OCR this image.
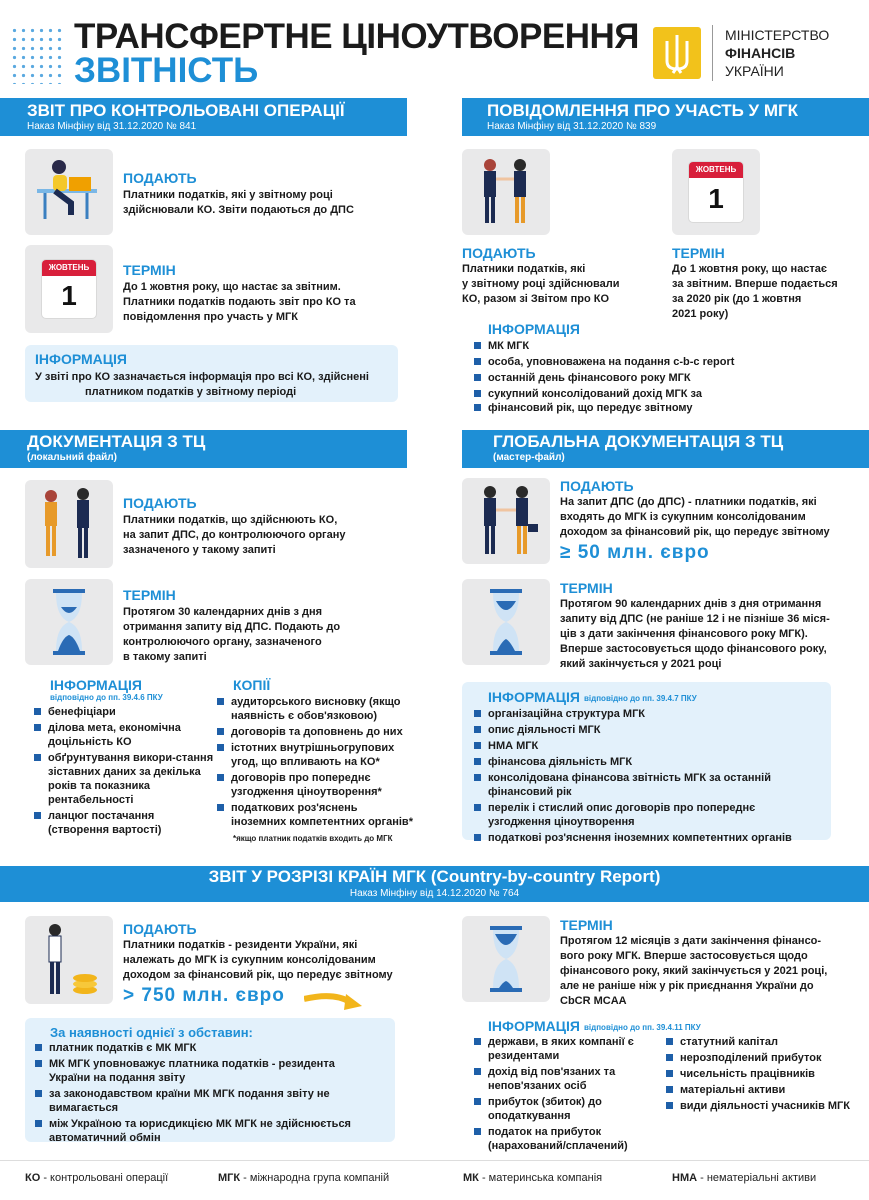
ТРАНСФЕРТНЕ ЦІНОУТВОРЕННЯ
ЗВІТНІСТЬ
МІНІСТЕРСТВО
ФІНАНСІВ
УКРАЇНИ
ЗВІТ ПРО КОНТРОЛЬОВАНІ ОПЕРАЦІЇ
Наказ Мінфіну від 31.12.2020 № 841
ПОДАЮТЬ
Платники податків, які у звітному році
здійснювали КО. Звіти подаються до ДПС
ЖОВТЕНЬ
1
ТЕРМІН
До 1 жовтня року, що настає за звітним.
Платники податків подають звіт про КО та
повідомлення про участь у МГК
ІНФОРМАЦІЯ
У звіті про КО зазначається інформація про всі КО, здійснені
платником податків у звітному періоді
ПОВІДОМЛЕННЯ ПРО УЧАСТЬ У МГК
Наказ Мінфіну від 31.12.2020 № 839
ЖОВТЕНЬ
1
ПОДАЮТЬ
Платники податків, які
у звітному році здійснювали
КО, разом зі Звітом про КО
ТЕРМІН
До 1 жовтня року, що настає
за звітним. Вперше подається
за 2020 рік (до 1 жовтня
2021 року)
ІНФОРМАЦІЯ
МК МГК
особа, уповноважена на подання c-b-c report
останній день фінансового року МГК
сукупний консолідований дохід МГК за
фінансовий рік, що передує звітному
ДОКУМЕНТАЦІЯ З ТЦ
(локальний файл)
ПОДАЮТЬ
Платники податків, що здійснюють КО,
на запит ДПС, до контролюючого органу
зазначеного у такому запиті
ТЕРМІН
Протягом 30 календарних днів з дня
отримання запиту від ДПС. Подають до
контролюючого органу, зазначеного
в такому запиті
ІНФОРМАЦІЯ
відповідно до пп. 39.4.6 ПКУ
бенефіціари
ділова мета, економічна доцільність КО
обґрунтування викори-стання зіставних даних за декілька років та показника рентабельності
ланцюг постачання (створення вартості)
КОПІЇ
аудиторського висновку (якщо наявність є обов'язковою)
договорів та доповнень до них
істотних внутрішньогрупових угод, що впливають на КО*
договорів про попереднє узгодження ціноутворення*
податкових роз'яснень іноземних компетентних органів*
*якщо платник податків входить до МГК
ГЛОБАЛЬНА ДОКУМЕНТАЦІЯ З ТЦ
(мастер-файл)
ПОДАЮТЬ
На запит ДПС (до ДПС) - платники податків, які
входять до МГК із сукупним консолідованим
доходом за фінансовий рік, що передує звітному
≥ 50 млн. євро
ТЕРМІН
Протягом 90 календарних днів з дня отримання
запиту від ДПС (не раніше 12 і не пізніше 36 мiся-
ців з дати закінчення фінансового року МГК).
Вперше застосовується щодо фінансового року,
який закінчується у 2021 році
ІНФОРМАЦІЯ відповідно до пп. 39.4.7 ПКУ
організаційна структура МГК
опис діяльності МГК
НМА МГК
фінансова діяльність МГК
консолідована фінансова звітність МГК за останній фінансовий рік
перелік і стислий опис договорів про попереднє узгодження ціноутворення
податкові роз'яснення іноземних компетентних органів
ЗВІТ У РОЗРІЗІ КРАЇН МГК (Country-by-country Report)
Наказ Мінфіну від 14.12.2020 № 764
ПОДАЮТЬ
Платники податків - резиденти України, які
належать до МГК із сукупним консолідованим
доходом за фінансовий рік, що передує звітному
> 750 млн. євро
За наявності однієї з обставин:
платник податків є МК МГК
МК МГК уповноважує платника податків - резидента України на подання звіту
за законодавством країни МК МГК подання звіту не вимагається
між Україною та юрисдикцією МК МГК не здійснюється автоматичний обмін
ТЕРМІН
Протягом 12 місяців з дати закінчення фінансо-
вого року МГК. Вперше застосовується щодо
фінансового року, який закінчується у 2021 році,
але не раніше ніж у рік приєднання України до
CbCR MCAA
ІНФОРМАЦІЯ відповідно до пп. 39.4.11 ПКУ
держави, в яких компанії є резидентами
дохід від пов'язаних та непов'язаних осіб
прибуток (збиток) до оподаткування
податок на прибуток (нарахований/сплачений)
статутний капітал
нерозподілений прибуток
чисельність працівників
матеріальні активи
види діяльності учасників МГК
КО - контрольовані операції	МГК - міжнародна група компаній	МК - материнська компанія	НМА - нематеріальні активи
